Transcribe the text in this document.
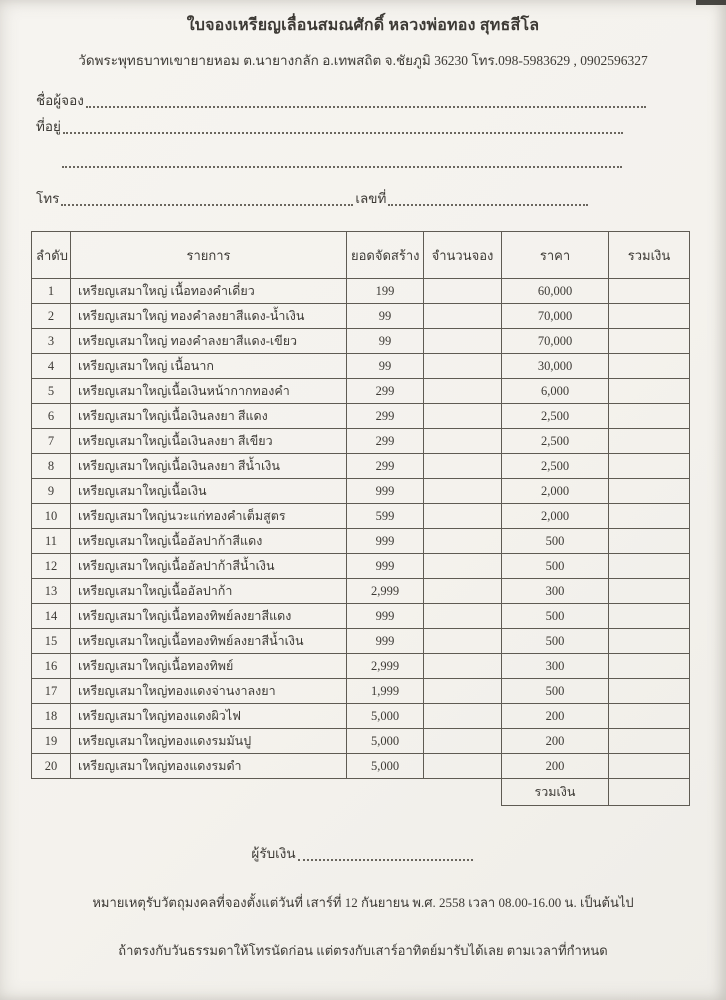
ใบจองเหรียญเลื่อนสมณศักดิ์ หลวงพ่อทอง สุทธสีโล
วัดพระพุทธบาทเขายายหอม ต.นายางกลัก อ.เทพสถิต จ.ชัยภูมิ 36230 โทร.098-5983629 , 0902596327
ชื่อผู้จอง
ที่อยู่
โทร	เลขที่
ลำดับ	รายการ	ยอดจัดสร้าง	จำนวนจอง	ราคา	รวมเงิน
1	เหรียญเสมาใหญ่ เนื้อทองคำเดี่ยว	199		60,000	
2	เหรียญเสมาใหญ่ ทองคำลงยาสีแดง-น้ำเงิน	99		70,000	
3	เหรียญเสมาใหญ่ ทองคำลงยาสีแดง-เขียว	99		70,000	
4	เหรียญเสมาใหญ่ เนื้อนาก	99		30,000	
5	เหรียญเสมาใหญ่เนื้อเงินหน้ากากทองคำ	299		6,000	
6	เหรียญเสมาใหญ่เนื้อเงินลงยา สีแดง	299		2,500	
7	เหรียญเสมาใหญ่เนื้อเงินลงยา สีเขียว	299		2,500	
8	เหรียญเสมาใหญ่เนื้อเงินลงยา สีน้ำเงิน	299		2,500	
9	เหรียญเสมาใหญ่เนื้อเงิน	999		2,000	
10	เหรียญเสมาใหญ่นวะแก่ทองคำเต็มสูตร	599		2,000	
11	เหรียญเสมาใหญ่เนื้ออัลปาก้าสีแดง	999		500	
12	เหรียญเสมาใหญ่เนื้ออัลปาก้าสีน้ำเงิน	999		500	
13	เหรียญเสมาใหญ่เนื้ออัลปาก้า	2,999		300	
14	เหรียญเสมาใหญ่เนื้อทองทิพย์ลงยาสีแดง	999		500	
15	เหรียญเสมาใหญ่เนื้อทองทิพย์ลงยาสีน้ำเงิน	999		500	
16	เหรียญเสมาใหญ่เนื้อทองทิพย์	2,999		300	
17	เหรียญเสมาใหญ่ทองแดงจ่านงาลงยา	1,999		500	
18	เหรียญเสมาใหญ่ทองแดงผิวไฟ	5,000		200	
19	เหรียญเสมาใหญ่ทองแดงรมมันปู	5,000		200	
20	เหรียญเสมาใหญ่ทองแดงรมดำ	5,000		200	
				รวมเงิน	
ผู้รับเงิน
หมายเหตุรับวัตถุมงคลที่จองตั้งแต่วันที่ เสาร์ที่ 12 กันยายน พ.ศ. 2558 เวลา 08.00-16.00 น. เป็นต้นไป
ถ้าตรงกับวันธรรมดาให้โทรนัดก่อน แต่ตรงกับเสาร์อาทิตย์มารับได้เลย ตามเวลาที่กำหนด
